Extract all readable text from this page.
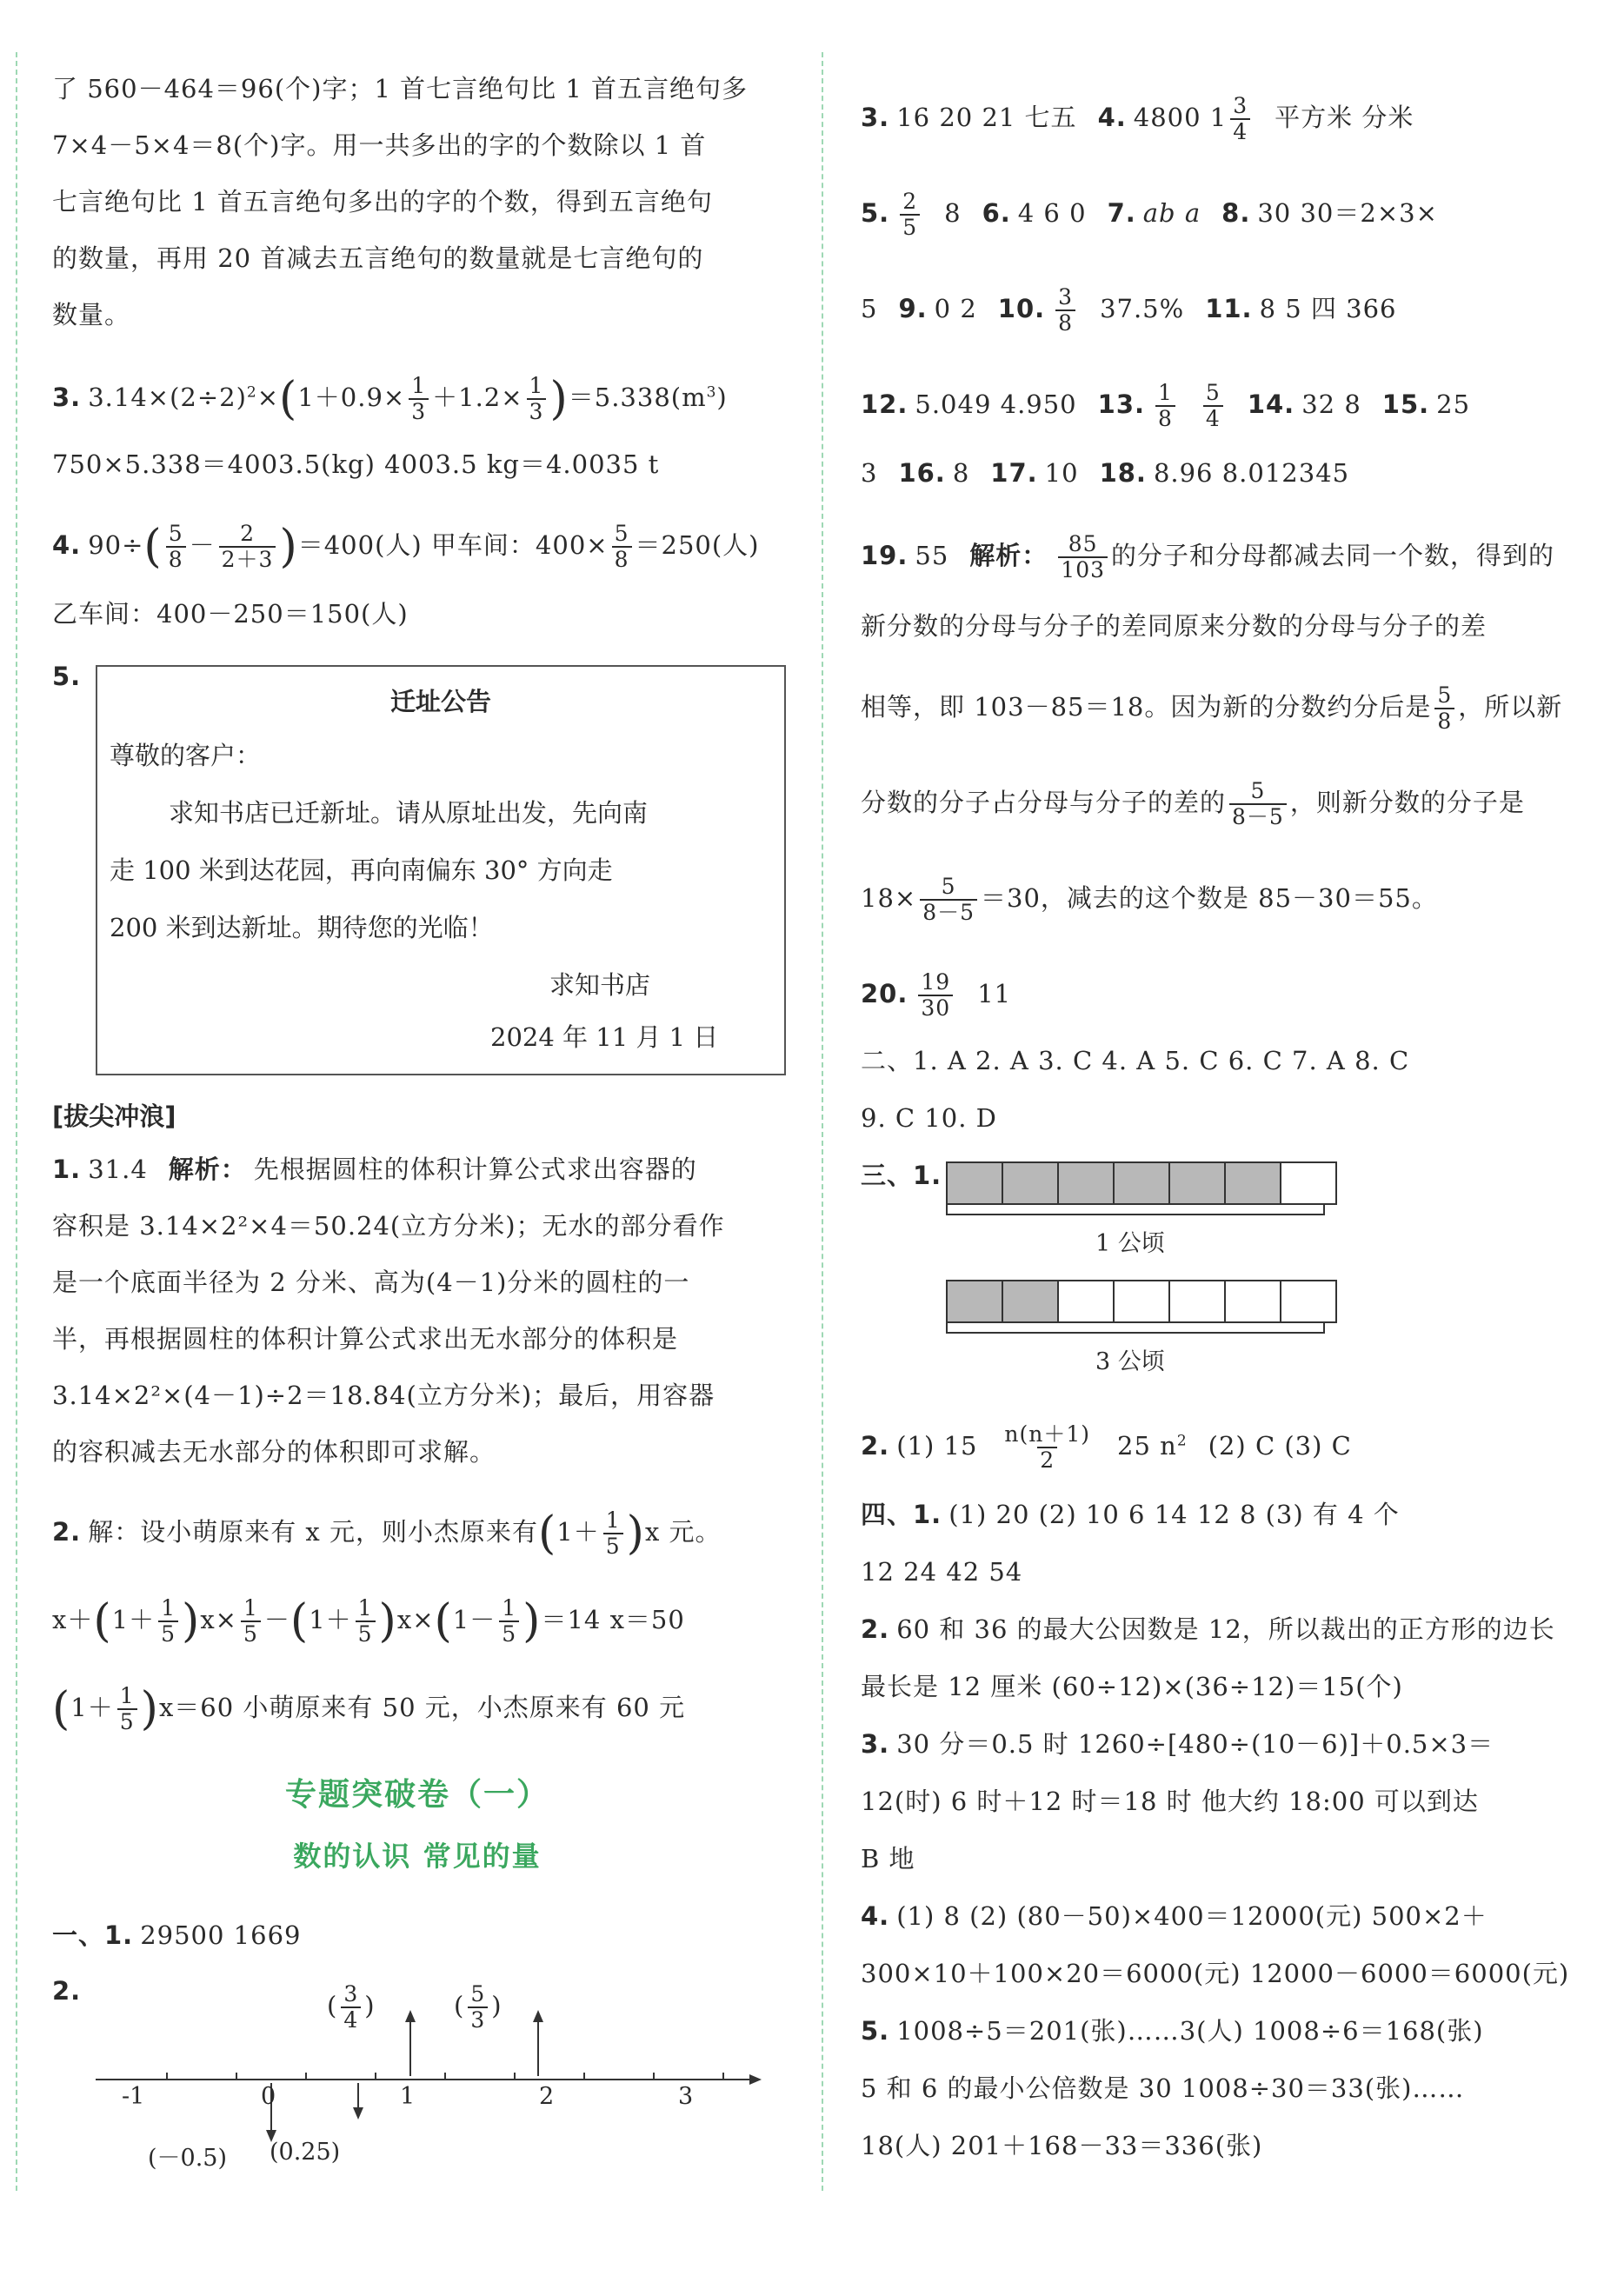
了 560－464＝96(个)字；1 首七言绝句比 1 首五言绝句多
7×4－5×4＝8(个)字。用一共多出的字的个数除以 1 首
七言绝句比 1 首五言绝句多出的字的个数，得到五言绝句
的数量，再用 20 首减去五言绝句的数量就是七言绝句的
数量。
3. $3.14\times(2\div 2)^2\times(1+0.9\times \frac{1}{3} +1.2\times \frac{1}{3} )=5.338(m^3)$
750×5.338＝4003.5(kg) 4003.5 kg＝4.0035 t
4. $90\div( \frac{5}{8} - \frac{2}{2+3} )=400$(人) 甲车间：$400\times \frac{5}{8} =250$(人)
乙车间：400－250＝150(人)
5.
迁址公告
尊敬的客户：
求知书店已迁新址。请从原址出发，先向南
走 100 米到达花园，再向南偏东 30° 方向走
200 米到达新址。期待您的光临！
求知书店
2024 年 11 月 1 日
[拔尖冲浪]
1. 31.4 解析： 先根据圆柱的体积计算公式求出容器的
容积是 3.14×2²×4＝50.24(立方分米)；无水的部分看作
是一个底面半径为 2 分米、高为(4－1)分米的圆柱的一
半，再根据圆柱的体积计算公式求出无水部分的体积是
3.14×2²×(4－1)÷2＝18.84(立方分米)；最后，用容器
的容积减去无水部分的体积即可求解。
2. 解：设小萌原来有 x 元，则小杰原来有$(1+ \frac{1}{5} )x$ 元。
$x+(1+ \frac{1}{5} )x\times \frac{1}{5} -(1+ \frac{1}{5} )x\times(1- \frac{1}{5} )=14$ x＝50
$(1+ \frac{1}{5} )x=60$ 小萌原来有 50 元，小杰原来有 60 元
专题突破卷（一）
数的认识 常见的量
一、1. 29500 1669
2.	( $\frac{3}{4}$ )	( $\frac{5}{3}$ )
-1	0	1	2	3
(－0.5) (0.25)
3. 16 20 21 七五 4. 4800 $1 \frac{3}{4}$ 平方米 分米
5. $\frac{2}{5} 8$ 6. 4 6 0 7. ab a 8. 30 30＝2×3×
5 9. 0 2 10. $\frac{3}{8} 37.5\%$ 11. 8 5 四 366
12. 5.049 4.950 13. $\frac{1}{8} \frac{5}{4} 14$. 32 8 15. 25
3 16. 8 17. 10 18. 8.96 8.012345
19. 55 解析： $\frac{85}{103}$ 的分子和分母都减去同一个数，得到的
新分数的分母与分子的差同原来分数的分母与分子的差
相等，即 103－85＝18。因为新的分数约分后是 $\frac{5}{8}$ ，所以新
分数的分子占分母与分子的差的 $\frac{5}{8-5}$ ，则新分数的分子是
$18\times \frac{5}{8-5} =30$，减去的这个数是 85－30＝55。
20. $\frac{19}{30} 11$
二、1. A 2. A 3. C 4. A 5. C 6. C 7. A 8. C
9. C 10. D
三、1.
1 公顷
3 公顷
2. (1) $15 \frac{n(n+1)}{2} 25$ $n^2$ (2) C (3) C
四、1. (1) 20 (2) 10 6 14 12 8 (3) 有 4 个
12 24 42 54
2. 60 和 36 的最大公因数是 12，所以裁出的正方形的边长
最长是 12 厘米 (60÷12)×(36÷12)＝15(个)
3. 30 分＝0.5 时 1260÷[480÷(10－6)]＋0.5×3＝
12(时) 6 时＋12 时＝18 时 他大约 18:00 可以到达
B 地
4. (1) 8 (2) (80－50)×400＝12000(元) 500×2＋
300×10＋100×20＝6000(元) 12000－6000＝6000(元)
5. 1008÷5＝201(张)……3(人) 1008÷6＝168(张)
5 和 6 的最小公倍数是 30 1008÷30＝33(张)……
18(人) 201＋168－33＝336(张)
